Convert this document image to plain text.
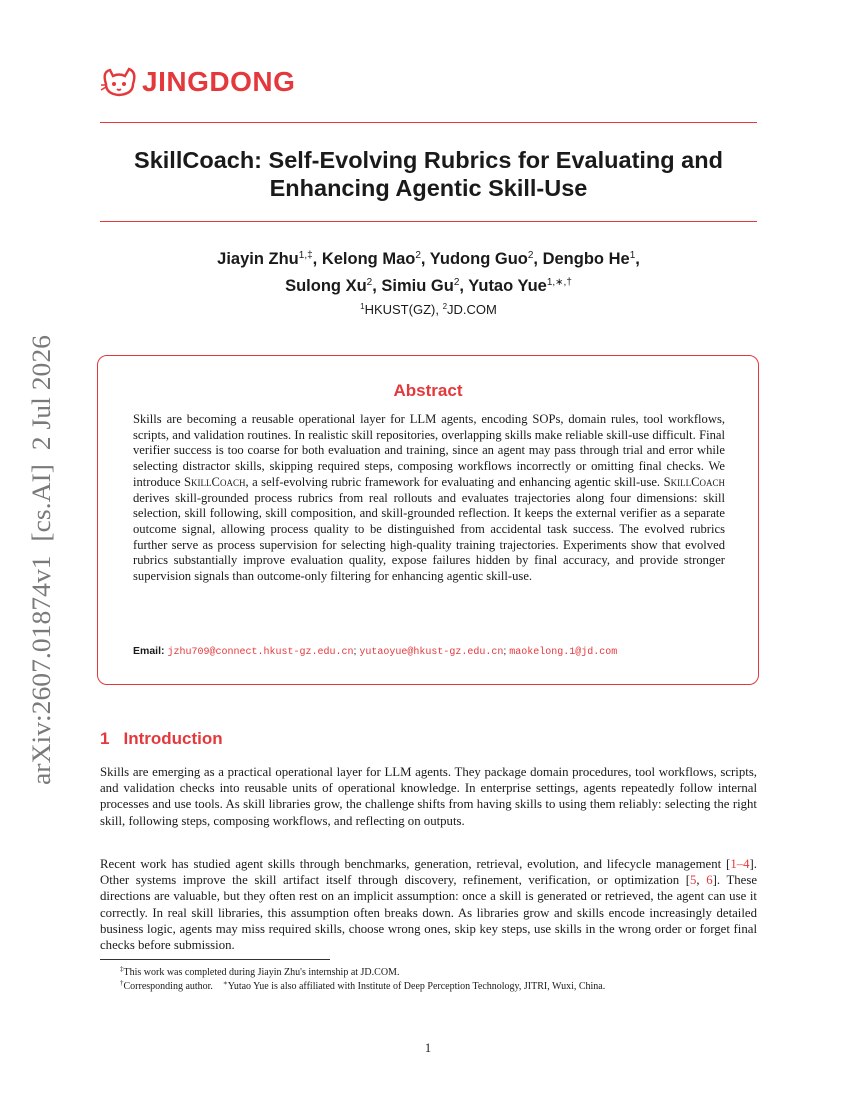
arXiv:2607.01874v1  [cs.AI]  2 Jul 2026
JINGDONG
SkillCoach: Self-Evolving Rubrics for Evaluating and
Enhancing Agentic Skill-Use
Jiayin Zhu$^{1,\ddagger}$, Kelong Mao$^2$, Yudong Guo$^2$, Dengbo He$^1$,
Sulong Xu$^2$, Simiu Gu$^2$, Yutao Yue$^{1,∗,\dagger}$
$^1$HKUST(GZ), $^2$JD.COM
Abstract
Skills are becoming a reusable operational layer for LLM agents, encoding SOPs, domain rules, tool workflows, scripts, and validation routines. In realistic skill repositories, overlapping skills make reliable skill-use difficult. Final verifier success is too coarse for both evaluation and training, since an agent may pass through trial and error while selecting distractor skills, skipping required steps, composing workflows incorrectly or omitting final checks. We introduce SkillCoach, a self-evolving rubric framework for evaluating and enhancing agentic skill-use. SkillCoach derives skill-grounded process rubrics from real rollouts and evaluates trajectories along four dimensions: skill selection, skill following, skill composition, and skill-grounded reflection. It keeps the external verifier as a separate outcome signal, allowing process quality to be distinguished from accidental task success. The evolved rubrics further serve as process supervision for selecting high-quality training trajectories. Experiments show that evolved rubrics substantially improve evaluation quality, expose failures hidden by final accuracy, and provide stronger supervision signals than outcome-only filtering for enhancing agentic skill-use.
Email: jzhu709@connect.hkust-gz.edu.cn; yutaoyue@hkust-gz.edu.cn; maokelong.1@jd.com
1 Introduction
Skills are emerging as a practical operational layer for LLM agents. They package domain procedures, tool workflows, scripts, and validation checks into reusable units of operational knowledge. In enterprise settings, agents repeatedly follow internal processes and use tools. As skill libraries grow, the challenge shifts from having skills to using them reliably: selecting the right skill, following steps, composing workflows, and reflecting on outputs.
Recent work has studied agent skills through benchmarks, generation, retrieval, evolution, and lifecycle management [1–4]. Other systems improve the skill artifact itself through discovery, refinement, verification, or optimization [5, 6]. These directions are valuable, but they often rest on an implicit assumption: once a skill is generated or retrieved, the agent can use it correctly. In real skill libraries, this assumption often breaks down. As libraries grow and skills encode increasingly detailed business logic, agents may miss required skills, choose wrong ones, skip key steps, use skills in the wrong order or forget final checks before submission.
‡This work was completed during Jiayin Zhu's internship at JD.COM.
†Corresponding author. ∗Yutao Yue is also affiliated with Institute of Deep Perception Technology, JITRI, Wuxi, China.
1
